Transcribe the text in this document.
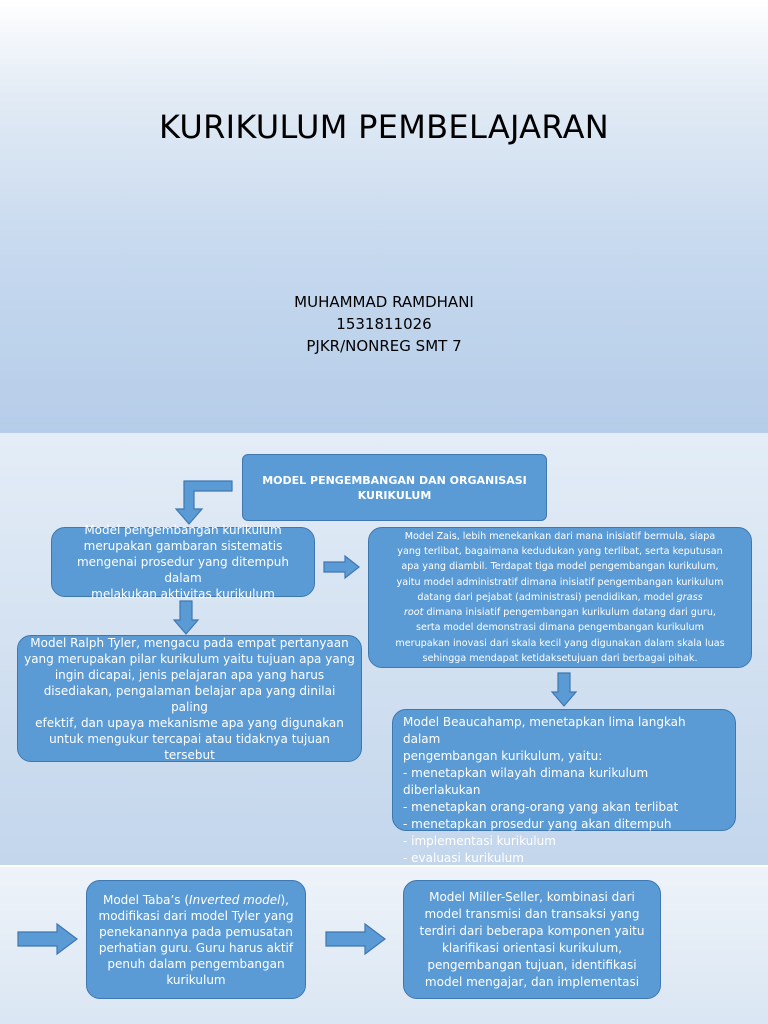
KURIKULUM PEMBELAJARAN
MUHAMMAD RAMDHANI
1531811026
PJKR/NONREG SMT 7
MODEL PENGEMBANGAN DAN ORGANISASI
KURIKULUM
Model pengembangan kurikulum
merupakan gambaran sistematis
mengenai prosedur yang ditempuh dalam
melakukan aktivitas kurikulum
Model Ralph Tyler, mengacu pada empat pertanyaan
yang merupakan pilar kurikulum yaitu tujuan apa yang
ingin dicapai, jenis pelajaran apa yang harus
disediakan, pengalaman belajar apa yang dinilai paling
efektif, dan upaya mekanisme apa yang digunakan
untuk mengukur tercapai atau tidaknya tujuan
tersebut
Model Zais, lebih menekankan dari mana inisiatif bermula, siapa
yang terlibat, bagaimana kedudukan yang terlibat, serta keputusan
apa yang diambil. Terdapat tiga model pengembangan kurikulum,
yaitu model administratif dimana inisiatif pengembangan kurikulum
datang dari pejabat (administrasi) pendidikan, model grass
root dimana inisiatif pengembangan kurikulum datang dari guru,
serta model demonstrasi dimana pengembangan kurikulum
merupakan inovasi dari skala kecil yang digunakan dalam skala luas
sehingga mendapat ketidaksetujuan dari berbagai pihak.
Model Beaucahamp, menetapkan lima langkah dalam
pengembangan kurikulum, yaitu:
- menetapkan wilayah dimana kurikulum diberlakukan
- menetapkan orang-orang yang akan terlibat
- menetapkan prosedur yang akan ditempuh
- implementasi kurikulum
- evaluasi kurikulum
Model Taba’s (Inverted model),
modifikasi dari model Tyler yang
penekanannya pada pemusatan
perhatian guru. Guru harus aktif
penuh dalam pengembangan
kurikulum
Model Miller-Seller, kombinasi dari
model transmisi dan transaksi yang
terdiri dari beberapa komponen yaitu
klarifikasi orientasi kurikulum,
pengembangan tujuan, identifikasi
model mengajar, dan implementasi
